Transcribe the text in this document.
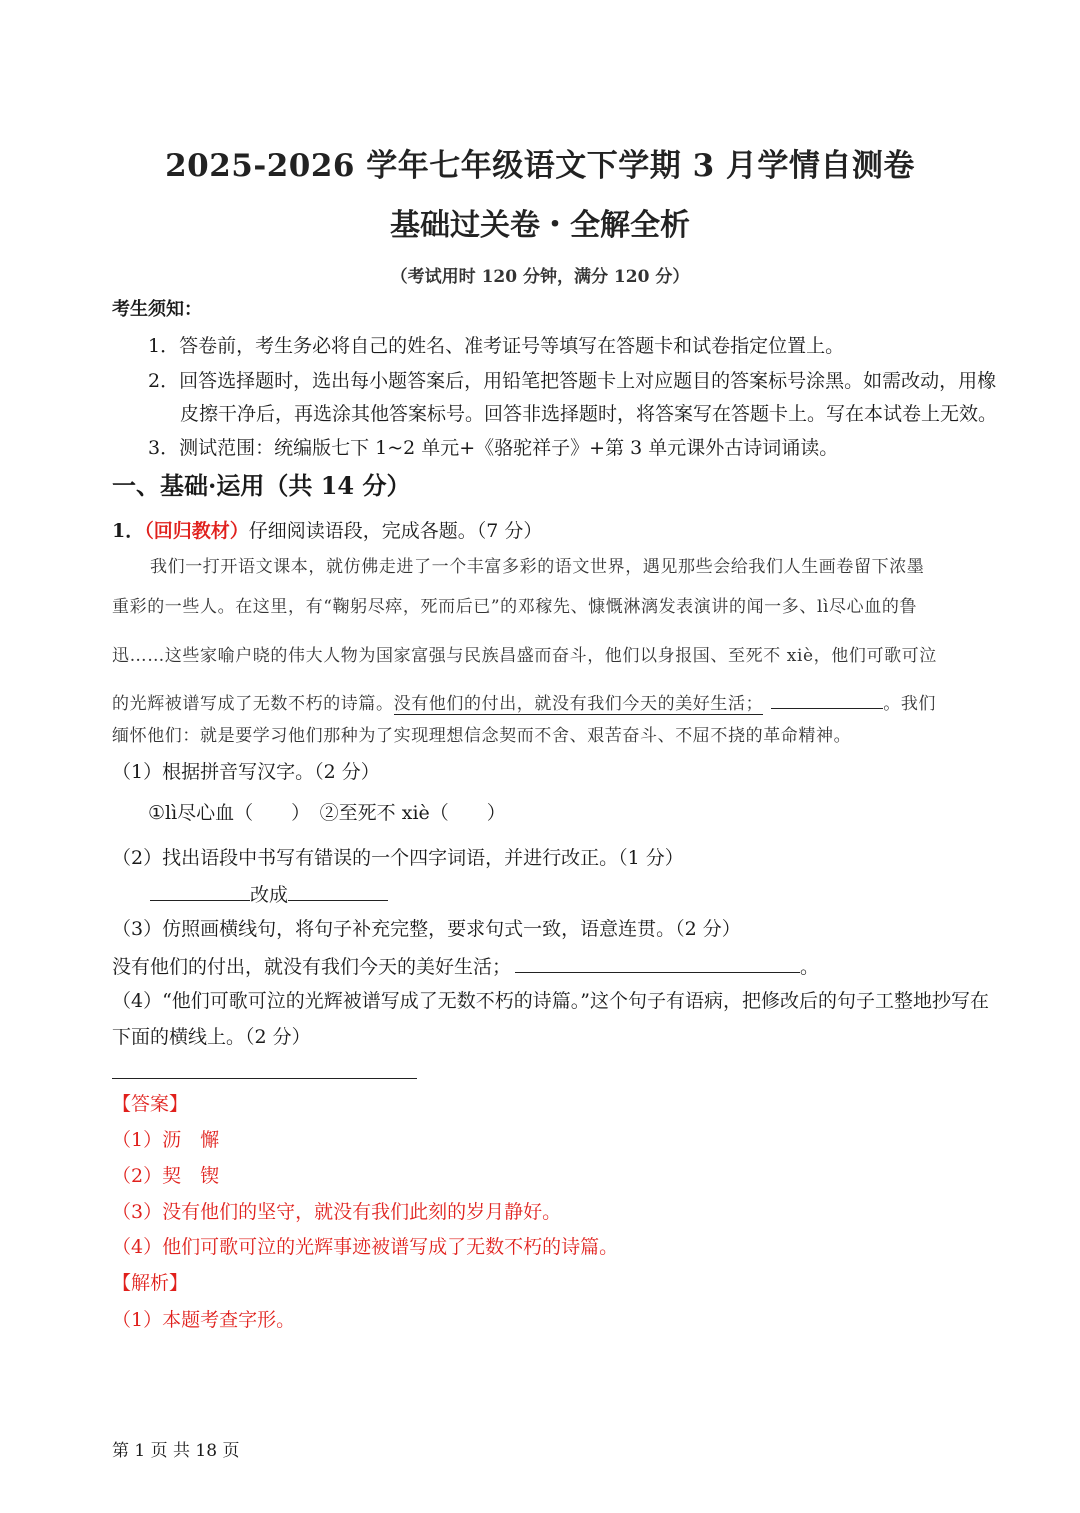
2025-2026 学年七年级语文下学期 3 月学情自测卷
基础过关卷・全解全析
（考试用时 120 分钟，满分 120 分）
考生须知：
1．答卷前，考生务必将自己的姓名、准考证号等填写在答题卡和试卷指定位置上。
2．回答选择题时，选出每小题答案后，用铅笔把答题卡上对应题目的答案标号涂黑。如需改动，用橡
皮擦干净后，再选涂其他答案标号。回答非选择题时，将答案写在答题卡上。写在本试卷上无效。
3．测试范围：统编版七下 1~2 单元+《骆驼祥子》+第 3 单元课外古诗词诵读。
一、基础·运用（共 14 分）
1．（回归教材）仔细阅读语段，完成各题。（7 分）
我们一打开语文课本，就仿佛走进了一个丰富多彩的语文世界，遇见那些会给我们人生画卷留下浓墨
重彩的一些人。在这里，有“鞠躬尽瘁，死而后已”的邓稼先、慷慨淋漓发表演讲的闻一多、lì尽心血的鲁
迅……这些家喻户晓的伟大人物为国家富强与民族昌盛而奋斗，他们以身报国、至死不 xiè，他们可歌可泣
的光辉被谱写成了无数不朽的诗篇。没有他们的付出，就没有我们今天的美好生活；	。我们
缅怀他们：就是要学习他们那种为了实现理想信念契而不舍、艰苦奋斗、不屈不挠的革命精神。
（1）根据拼音写汉字。（2 分）
①lì尽心血（　　）　②至死不 xiè（　　）
（2）找出语段中书写有错误的一个四字词语，并进行改正。（1 分）
改成
（3）仿照画横线句，将句子补充完整，要求句式一致，语意连贯。（2 分）
没有他们的付出，就没有我们今天的美好生活；	。
（4）“他们可歌可泣的光辉被谱写成了无数不朽的诗篇。”这个句子有语病，把修改后的句子工整地抄写在
下面的横线上。（2 分）
【答案】
（1）沥　懈
（2）契　锲
（3）没有他们的坚守，就没有我们此刻的岁月静好。
（4）他们可歌可泣的光辉事迹被谱写成了无数不朽的诗篇。
【解析】
（1）本题考查字形。
第 1 页 共 18 页
